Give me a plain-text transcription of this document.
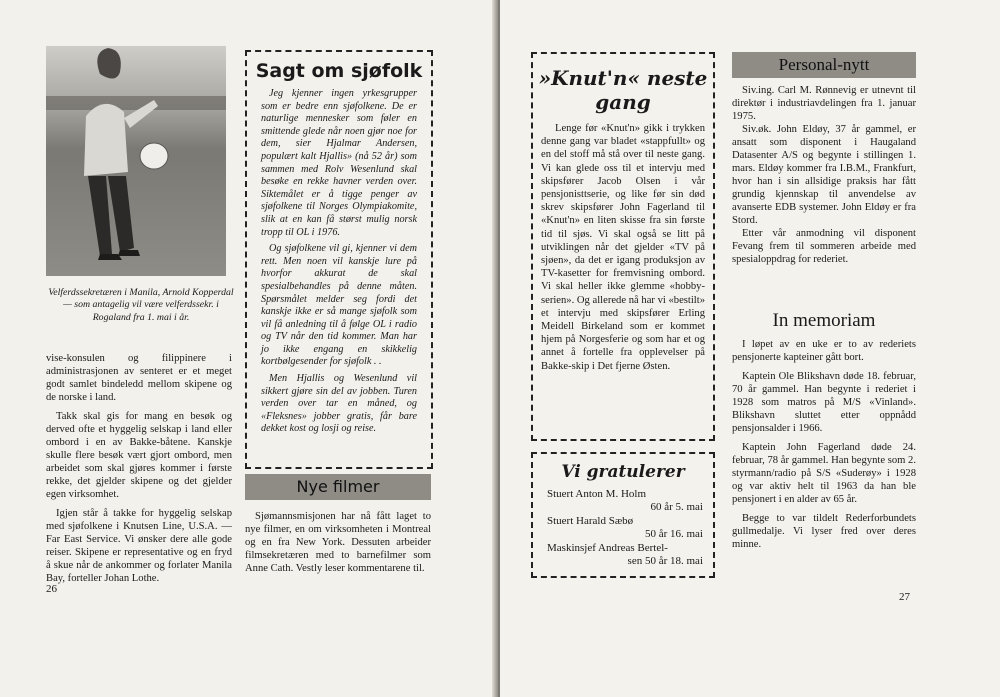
Velferdssekretæren i Manila, Arnold Kopperdal — som antagelig vil være velferdssekr. i Rogaland fra 1. mai i år.

vise-konsulen og filippinere i administrasjonen av senteret er et meget godt samlet bindeledd mellom skipene og de norske i land.

Takk skal gis for mang en besøk og derved ofte et hyggelig selskap i land eller ombord i en av Bakke-båtene. Kanskje skulle flere besøk vært gjort ombord, men arbeidet som skal gjøres kommer i første rekke, det gjelder skipene og det gjelder egen virksomhet.

Igjen står å takke for hyggelig selskap med sjøfolkene i Knutsen Line, U.S.A. — Far East Service. Vi ønsker dere alle gode reiser. Skipene er representative og en fryd å skue når de ankommer og forlater Manila Bay, forteller Johan Lothe.

Sagt om sjøfolk

Jeg kjenner ingen yrkesgrupper som er bedre enn sjøfolkene. De er naturlige mennesker som føler en smittende glede når noen gjør noe for dem, sier Hjalmar Andersen, populært kalt Hjallis» (nå 52 år) som sammen med Rolv Wesenlund skal besøke en rekke havner verden over. Siktemålet er å tigge penger av sjøfolkene til Norges Olympiakomite, slik at en kan få størst mulig norsk tropp til OL i 1976.

Og sjøfolkene vil gi, kjenner vi dem rett. Men noen vil kanskje lure på hvorfor akkurat de skal spesialbehandles på denne måten. Spørsmålet melder seg fordi det kanskje ikke er så mange sjøfolk som vil få anledning til å følge OL i radio og TV når den tid kommer. Man har jo ikke engang en skikkelig kortbølgesender for sjøfolk . .

Men Hjallis og Wesenlund vil sikkert gjøre sin del av jobben. Turen verden over tar en måned, og «Fleksnes» jobber gratis, får bare dekket kost og losji og reise.

Nye filmer

Sjømannsmisjonen har nå fått laget to nye filmer, en om virksomheten i Montreal og en fra New York. Dessuten arbeider filmsekretæren med to barnefilmer som Anne Cath. Vestly leser kommentarene til.

26
»Knut'n« neste gang

Lenge før «Knut'n» gikk i trykken denne gang var bladet «stappfullt» og en del stoff må stå over til neste gang. Vi kan glede oss til et intervju med skipsfører Jacob Olsen i vår pensjonisttserie, og like før sin død skrev skipsfører John Fagerland til «Knut'n» en liten skisse fra sin første tid til sjøs. Vi skal også se litt på utviklingen når det gjelder «TV på sjøen», da det er igang produksjon av TV-kasetter for fremvisning ombord. Vi skal heller ikke glemme «hobby-serien». Og allerede nå har vi «bestilt» et intervju med skipsfører Erling Meidell Birkeland som er kommet hjem på Norgesferie og som har et og annet å fortelle fra opplevelser på Bakke-skip i Det fjerne Østen.

Vi gratulerer
Stuert Anton M. Holm
60 år 5. mai
Stuert Harald Sæbø
50 år 16. mai
Maskinsjef Andreas Bertel-
sen 50 år 18. mai
Personal-nytt

Siv.ing. Carl M. Rønnevig er utnevnt til direktør i industriavdelingen fra 1. januar 1975.

Siv.øk. John Eldøy, 37 år gammel, er ansatt som disponent i Haugaland Datasenter A/S og begynte i stillingen 1. mars. Eldøy kommer fra I.B.M., Frankfurt, hvor han i sin allsidige praksis har fått grundig kjennskap til anvendelse av avanserte EDB systemer. John Eldøy er fra Stord.

Etter vår anmodning vil disponent Fevang frem til sommeren arbeide med spesialoppdrag for rederiet.

In memoriam

I løpet av en uke er to av rederiets pensjonerte kapteiner gått bort.

Kaptein Ole Blikshavn døde 18. februar, 70 år gammel. Han begynte i rederiet i 1928 som matros på M/S «Vinland». Blikshavn sluttet etter oppnådd pensjonsalder i 1966.

Kaptein John Fagerland døde 24. februar, 78 år gammel. Han begynte som 2. styrmann/radio på S/S «Suderøy» i 1928 og var aktiv helt til 1963 da han ble pensjonert i en alder av 65 år.

Begge to var tildelt Rederforbundets gullmedalje. Vi lyser fred over deres minne.

27
